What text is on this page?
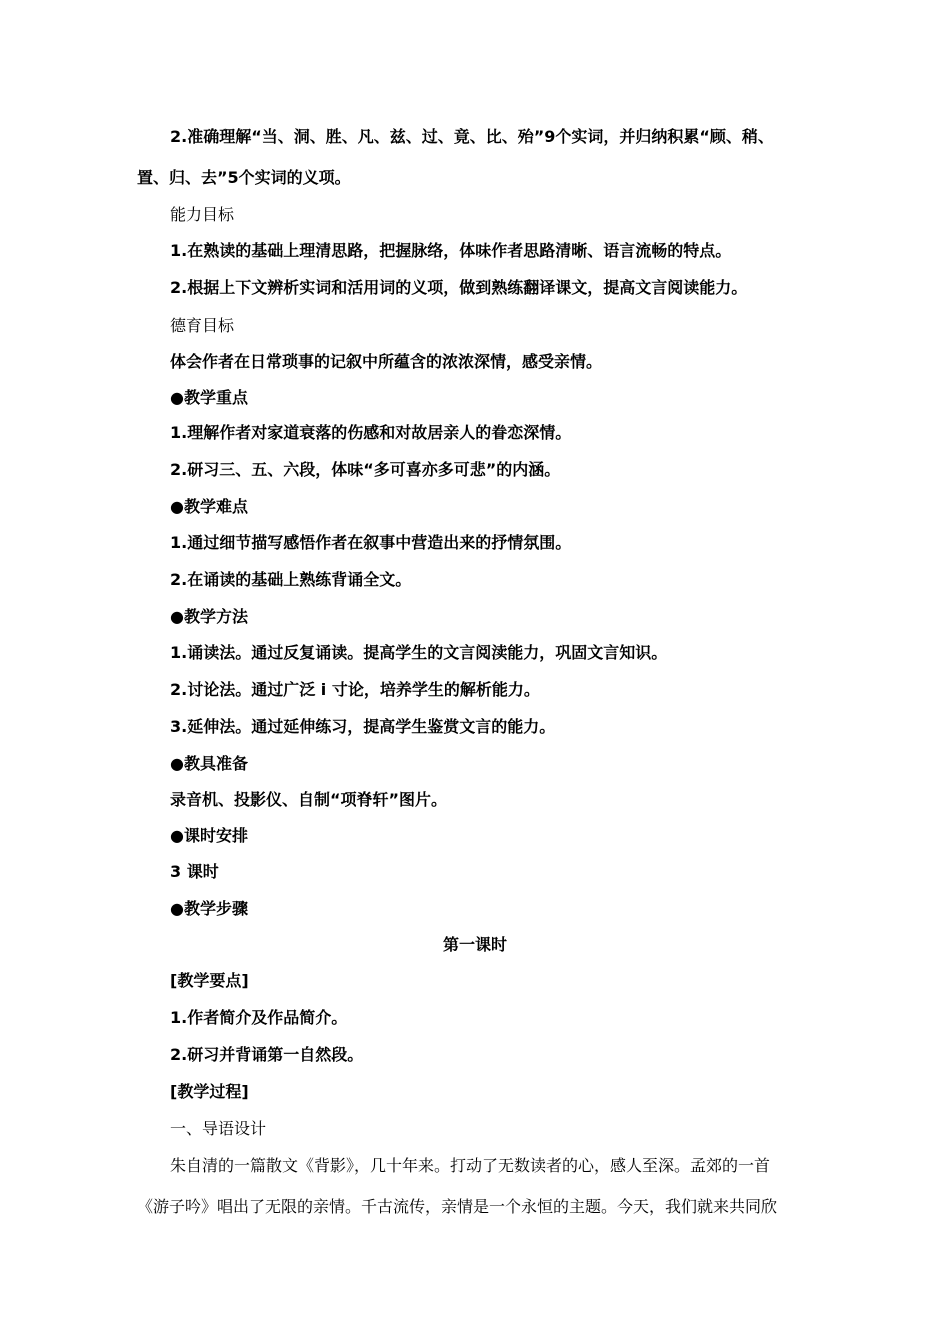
2.准确理解“当、洞、胜、凡、兹、过、竟、比、殆”9个实词，并归纳积累“顾、稍、
置、归、去”5个实词的义项。
能力目标
1.在熟读的基础上理清思路，把握脉络，体味作者思路清晰、语言流畅的特点。
2.根据上下文辨析实词和活用词的义项，做到熟练翻译课文，提高文言阅读能力。
德育目标
体会作者在日常琐事的记叙中所蕴含的浓浓深情，感受亲情。
●教学重点
1.理解作者对家道衰落的伤感和对故居亲人的眷恋深情。
2.研习三、五、六段，体味“多可喜亦多可悲”的内涵。
●教学难点
1.通过细节描写感悟作者在叙事中营造出来的抒情氛围。
2.在诵读的基础上熟练背诵全文。
●教学方法
1.诵读法。通过反复诵读。提高学生的文言阅渎能力，巩固文言知识。
2.讨论法。通过广泛 i 寸论，培养学生的解析能力。
3.延伸法。通过延伸练习，提高学生鉴赏文言的能力。
●教具准备
录音机、投影仪、自制“项脊轩”图片。
●课时安排
3 课时
●教学步骤
第一课时
[教学要点]
1.作者简介及作品简介。
2.研习并背诵第一自然段。
[教学过程]
一、导语设计
朱自清的一篇散文《背影》，几十年来。打动了无数读者的心，感人至深。孟郊的一首
《游子吟》唱出了无限的亲情。千古流传，亲情是一个永恒的主题。今天，我们就来共同欣
